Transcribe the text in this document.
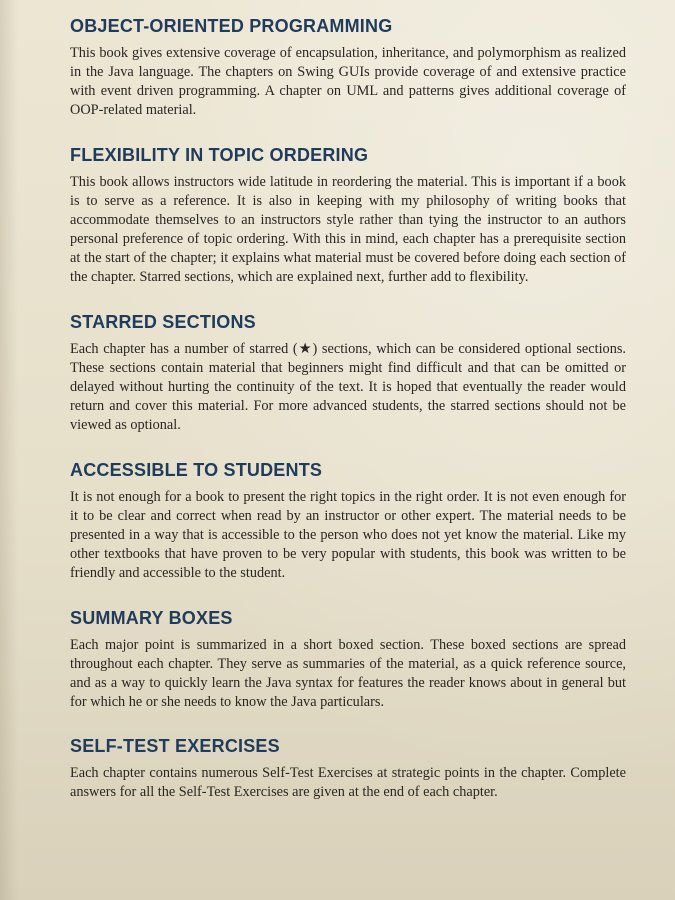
OBJECT-ORIENTED PROGRAMMING

This book gives extensive coverage of encapsulation, inheritance, and polymorphism as realized in the Java language. The chapters on Swing GUIs provide coverage of and extensive practice with event driven programming. A chapter on UML and patterns gives additional coverage of OOP-related material.

FLEXIBILITY IN TOPIC ORDERING

This book allows instructors wide latitude in reordering the material. This is important if a book is to serve as a reference. It is also in keeping with my philosophy of writing books that accommodate themselves to an instructors style rather than tying the instructor to an authors personal preference of topic ordering. With this in mind, each chapter has a prerequisite section at the start of the chapter; it explains what material must be covered before doing each section of the chapter. Starred sections, which are explained next, further add to flexibility.

STARRED SECTIONS

Each chapter has a number of starred (★) sections, which can be considered optional sections. These sections contain material that beginners might find difficult and that can be omitted or delayed without hurting the continuity of the text. It is hoped that eventually the reader would return and cover this material. For more advanced students, the starred sections should not be viewed as optional.

ACCESSIBLE TO STUDENTS

It is not enough for a book to present the right topics in the right order. It is not even enough for it to be clear and correct when read by an instructor or other expert. The material needs to be presented in a way that is accessible to the person who does not yet know the material. Like my other textbooks that have proven to be very popular with students, this book was written to be friendly and accessible to the student.

SUMMARY BOXES

Each major point is summarized in a short boxed section. These boxed sections are spread throughout each chapter. They serve as summaries of the material, as a quick reference source, and as a way to quickly learn the Java syntax for features the reader knows about in general but for which he or she needs to know the Java particulars.

SELF-TEST EXERCISES

Each chapter contains numerous Self-Test Exercises at strategic points in the chapter. Complete answers for all the Self-Test Exercises are given at the end of each chapter.
